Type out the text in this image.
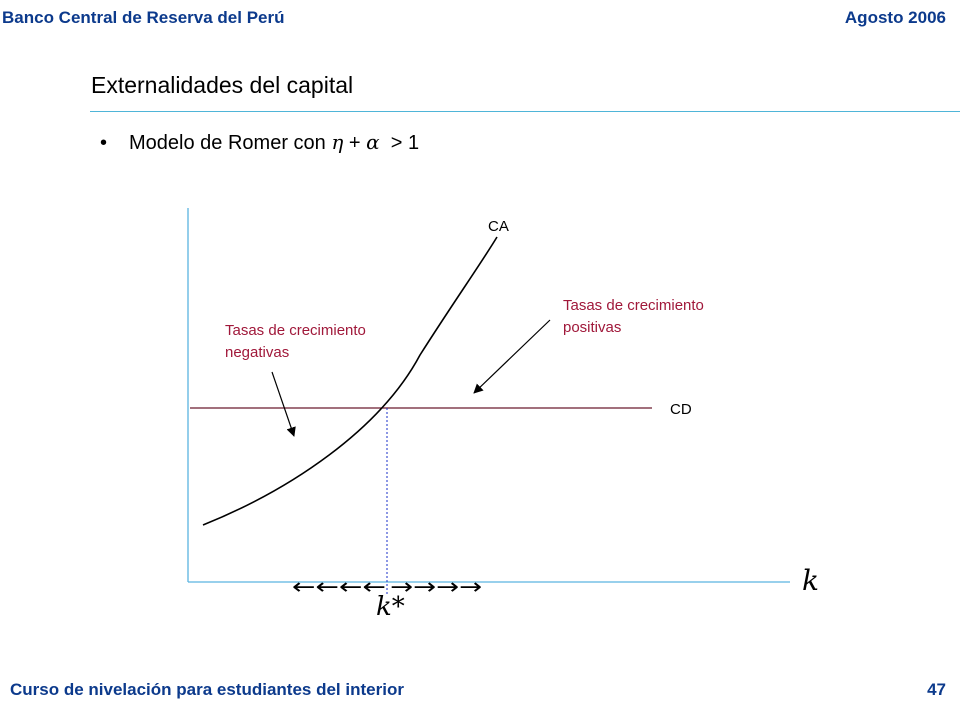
Banco Central de Reserva del Perú	Agosto 2006
Externalidades del capital
• Modelo de Romer con η + α > 1
CA
CD
Tasas de crecimiento
negativas
Tasas de crecimiento
positivas
←←←← →→→→	k
k*
Curso de nivelación para estudiantes del interior	47
